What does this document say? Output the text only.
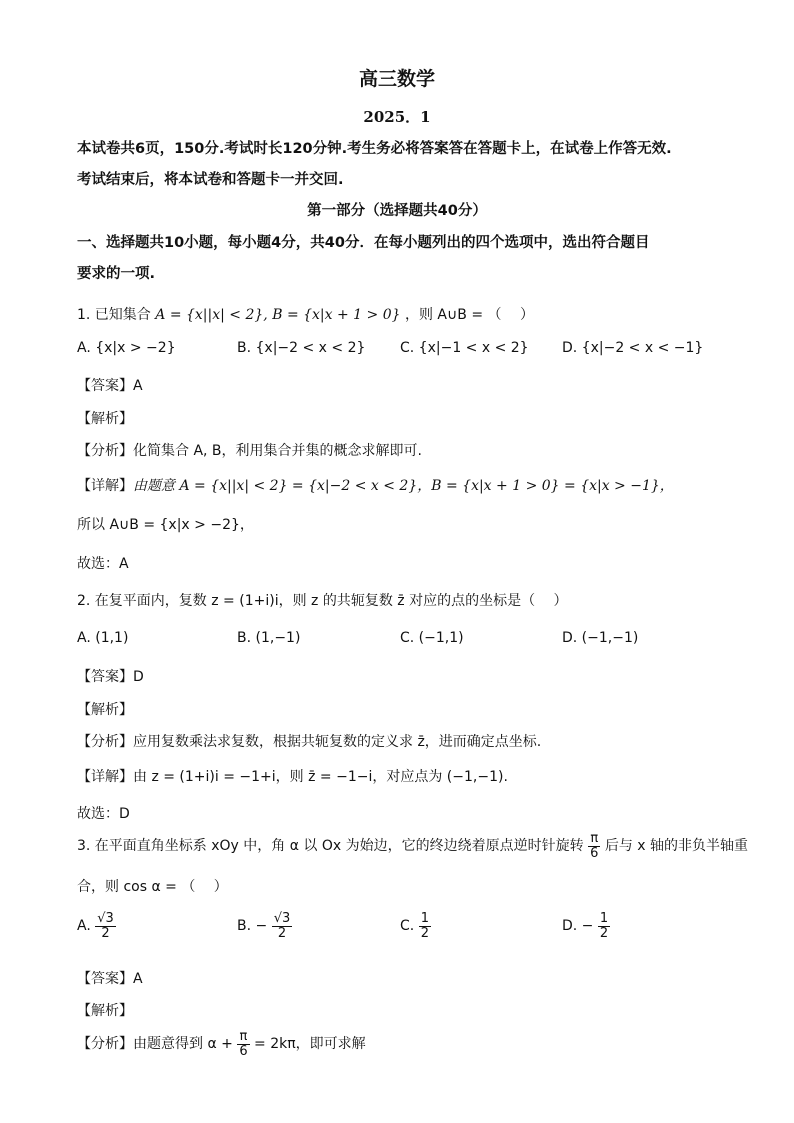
高三数学
2025．1
本试卷共6页，150分.考试时长120分钟.考生务必将答案答在答题卡上，在试卷上作答无效.
考试结束后，将本试卷和答题卡一并交回.
第一部分（选择题共40分）
一、选择题共10小题，每小题4分，共40分．在每小题列出的四个选项中，选出符合题目
要求的一项.
1. 已知集合 A = {x||x| < 2}, B = {x|x + 1 > 0} ，则 A∪B = （　 ）
A. {x|x > −2}	B. {x|−2 < x < 2} C. {x|−1 < x < 2} D. {x|−2 < x < −1}
【答案】A
【解析】
【分析】化简集合 A, B，利用集合并集的概念求解即可.
【详解】由题意 A = {x||x| < 2} = {x|−2 < x < 2}，B = {x|x + 1 > 0} = {x|x > −1}，
所以 A∪B = {x|x > −2}，
故选：A
2. 在复平面内，复数 z = (1+i)i，则 z 的共轭复数 z̄ 对应的点的坐标是（　 ）
A. (1,1)	B. (1,−1)	C. (−1,1)	D. (−1,−1)
【答案】D
【解析】
【分析】应用复数乘法求复数，根据共轭复数的定义求 z̄，进而确定点坐标.
【详解】由 z = (1+i)i = −1+i，则 z̄ = −1−i，对应点为 (−1,−1).
故选：D
3. 在平面直角坐标系 xOy 中，角 α 以 Ox 为始边，它的终边绕着原点逆时针旋转 $\frac{\pi}{6}$ 后与 x 轴的非负半轴重
合，则 cos α = （　 ）
A. $\frac{√3}{2}$	B. − $\frac{√3}{2}$	C. $\frac{1}{2}$	D. − $\frac{1}{2}$
【答案】A
【解析】
【分析】由题意得到 $\alpha + \frac{\pi}{6} = 2k\pi$，即可求解
